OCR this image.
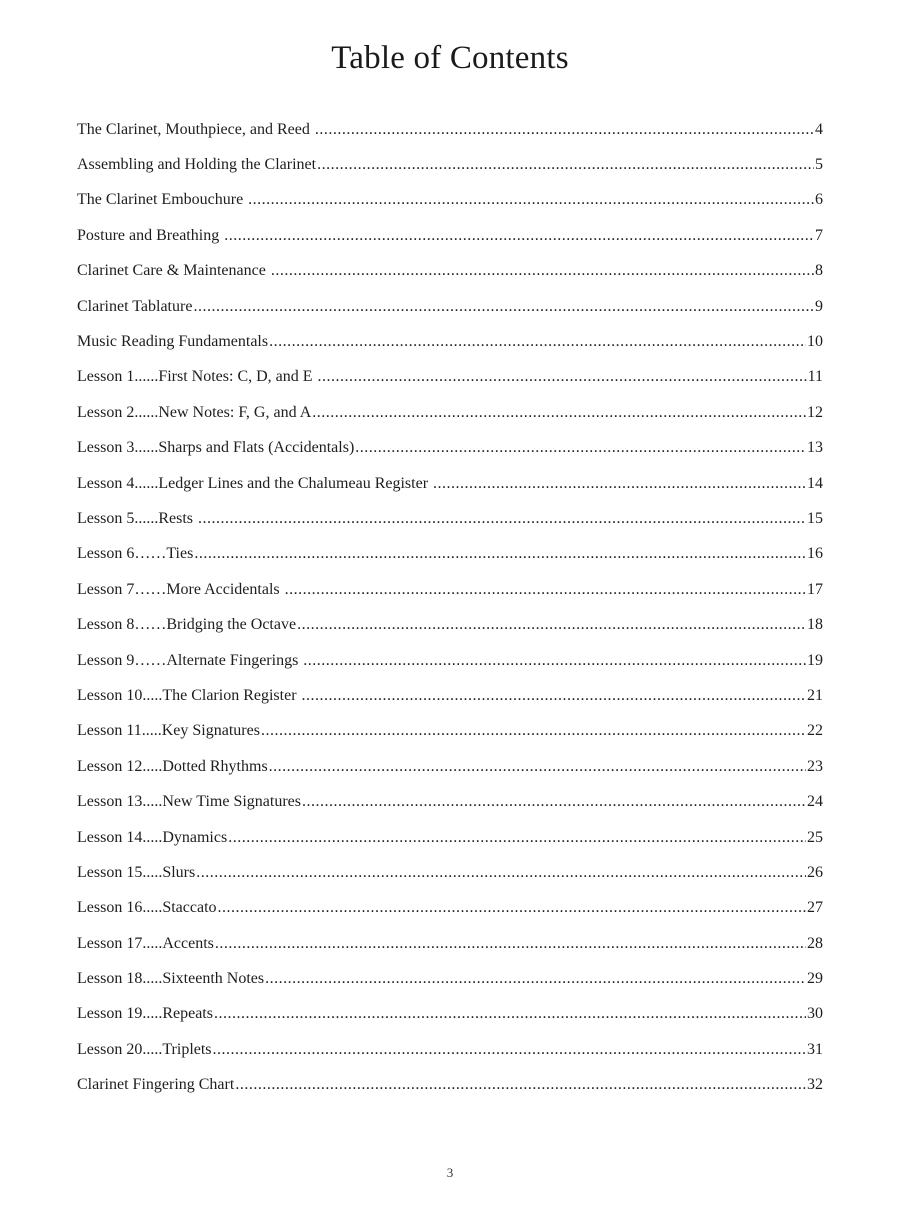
Table of Contents
The Clarinet, Mouthpiece, and Reed .....	4
Assembling and Holding the Clarinet .....	5
The Clarinet Embouchure .....	6
Posture and Breathing .....	7
Clarinet Care & Maintenance .....	8
Clarinet Tablature .....	9
Music Reading Fundamentals .....	10
Lesson 1......First Notes: C, D, and E .....	11
Lesson 2......New Notes: F, G, and A .....	12
Lesson 3......Sharps and Flats (Accidentals) .....	13
Lesson 4......Ledger Lines and the Chalumeau Register .....	14
Lesson 5......Rests .....	15
Lesson 6……Ties .....	16
Lesson 7……More Accidentals .....	17
Lesson 8……Bridging the Octave .....	18
Lesson 9……Alternate Fingerings .....	19
Lesson 10.....The Clarion Register .....	21
Lesson 11.....Key Signatures .....	22
Lesson 12.....Dotted Rhythms .....	23
Lesson 13.....New Time Signatures .....	24
Lesson 14.....Dynamics .....	25
Lesson 15.....Slurs .....	26
Lesson 16.....Staccato .....	27
Lesson 17.....Accents .....	28
Lesson 18.....Sixteenth Notes .....	29
Lesson 19.....Repeats .....	30
Lesson 20.....Triplets .....	31
Clarinet Fingering Chart .....	32
3
